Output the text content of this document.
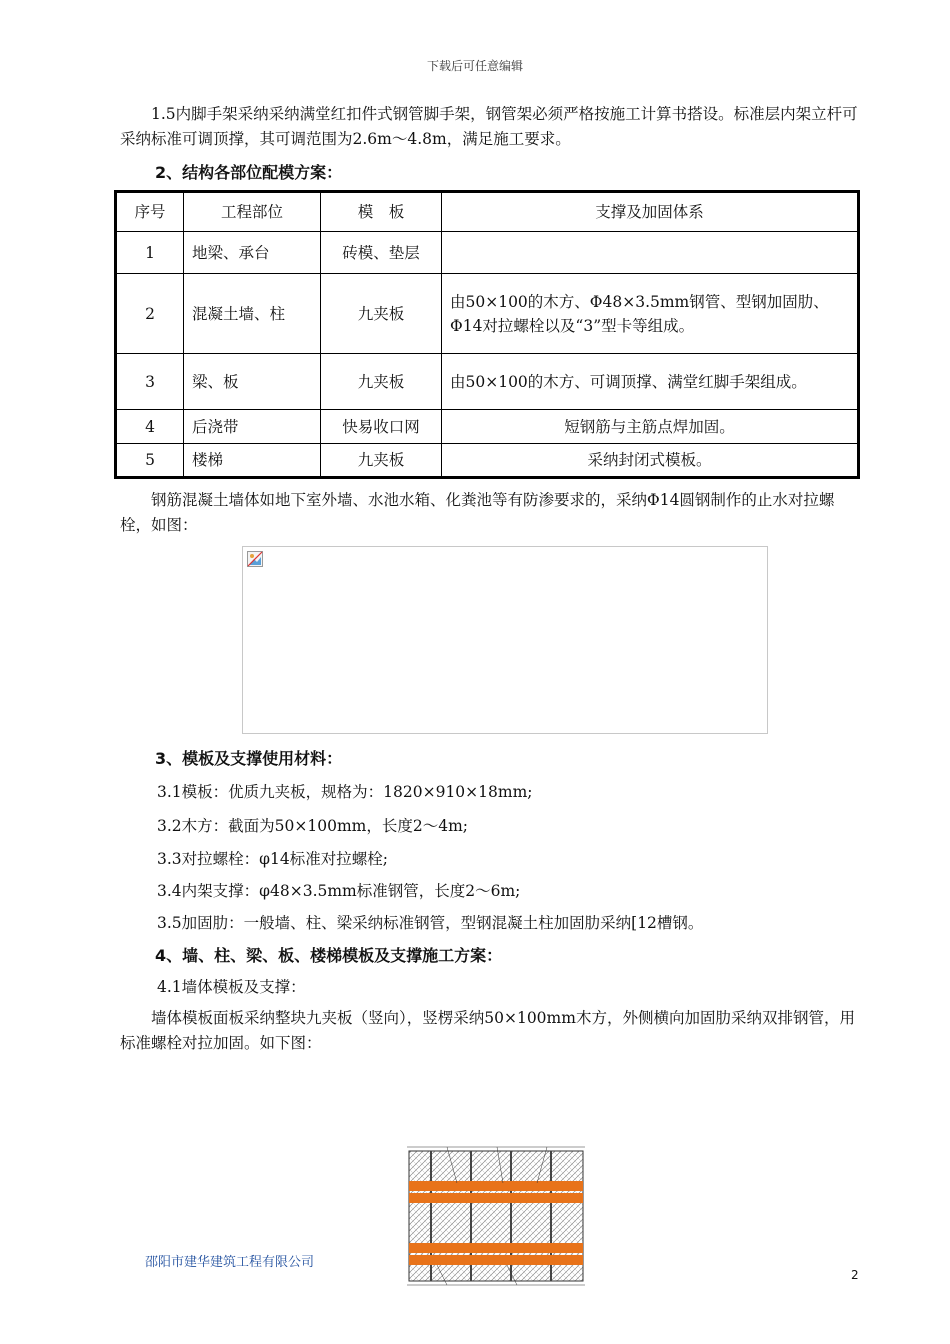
下载后可任意编辑
1.5内脚手架采纳采纳满堂红扣件式钢管脚手架，钢管架必须严格按施工计算书搭设。标准层内架立杆可采纳标准可调顶撑，其可调范围为2.6m～4.8m，满足施工要求。
2、结构各部位配模方案：
序号	工程部位	模　板	支撑及加固体系
1	地梁、承台	砖模、垫层	
2	混凝土墙、柱	九夹板	由50×100的木方、Φ48×3.5mm钢管、型钢加固肋、Φ14对拉螺栓以及“3”型卡等组成。
3	梁、板	九夹板	由50×100的木方、可调顶撑、满堂红脚手架组成。
4	后浇带	快易收口网	短钢筋与主筋点焊加固。
5	楼梯	九夹板	采纳封闭式模板。
钢筋混凝土墙体如地下室外墙、水池水箱、化粪池等有防渗要求的，采纳Φ14圆钢制作的止水对拉螺栓，如图：
3、模板及支撑使用材料：
3.1模板：优质九夹板，规格为：1820×910×18mm;
3.2木方：截面为50×100mm，长度2～4m;
3.3对拉螺栓：φ14标准对拉螺栓;
3.4内架支撑：φ48×3.5mm标准钢管，长度2～6m;
3.5加固肋：一般墙、柱、梁采纳标准钢管，型钢混凝土柱加固肋采纳[12槽钢。
4、墙、柱、梁、板、楼梯模板及支撑施工方案：
4.1墙体模板及支撑：
墙体模板面板采纳整块九夹板（竖向），竖楞采纳50×100mm木方，外侧横向加固肋采纳双排钢管，用标准螺栓对拉加固。如下图：
邵阳市建华建筑工程有限公司
2
